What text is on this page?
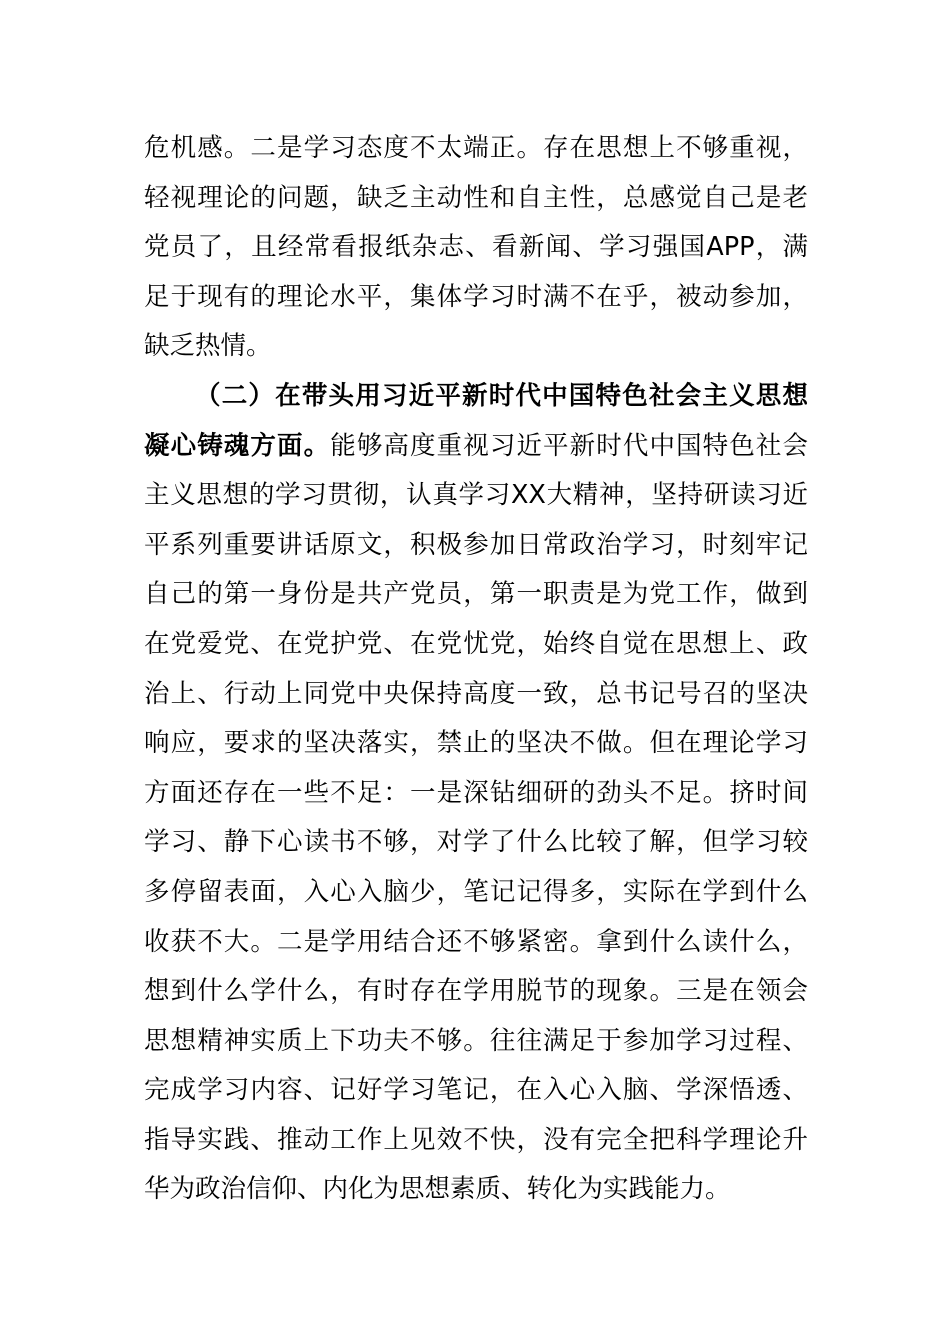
危机感。二是学习态度不太端正。存在思想上不够重视，
轻视理论的问题，缺乏主动性和自主性，总感觉自己是老
党员了，且经常看报纸杂志、看新闻、学习强国APP，满
足于现有的理论水平，集体学习时满不在乎，被动参加，
缺乏热情。
（二）在带头用习近平新时代中国特色社会主义思想
凝心铸魂方面。能够高度重视习近平新时代中国特色社会
主义思想的学习贯彻，认真学习XX大精神，坚持研读习近
平系列重要讲话原文，积极参加日常政治学习，时刻牢记
自己的第一身份是共产党员，第一职责是为党工作，做到
在党爱党、在党护党、在党忧党，始终自觉在思想上、政
治上、行动上同党中央保持高度一致，总书记号召的坚决
响应，要求的坚决落实，禁止的坚决不做。但在理论学习
方面还存在一些不足：一是深钻细研的劲头不足。挤时间
学习、静下心读书不够，对学了什么比较了解，但学习较
多停留表面，入心入脑少，笔记记得多，实际在学到什么
收获不大。二是学用结合还不够紧密。拿到什么读什么，
想到什么学什么，有时存在学用脱节的现象。三是在领会
思想精神实质上下功夫不够。往往满足于参加学习过程、
完成学习内容、记好学习笔记，在入心入脑、学深悟透、
指导实践、推动工作上见效不快，没有完全把科学理论升
华为政治信仰、内化为思想素质、转化为实践能力。
